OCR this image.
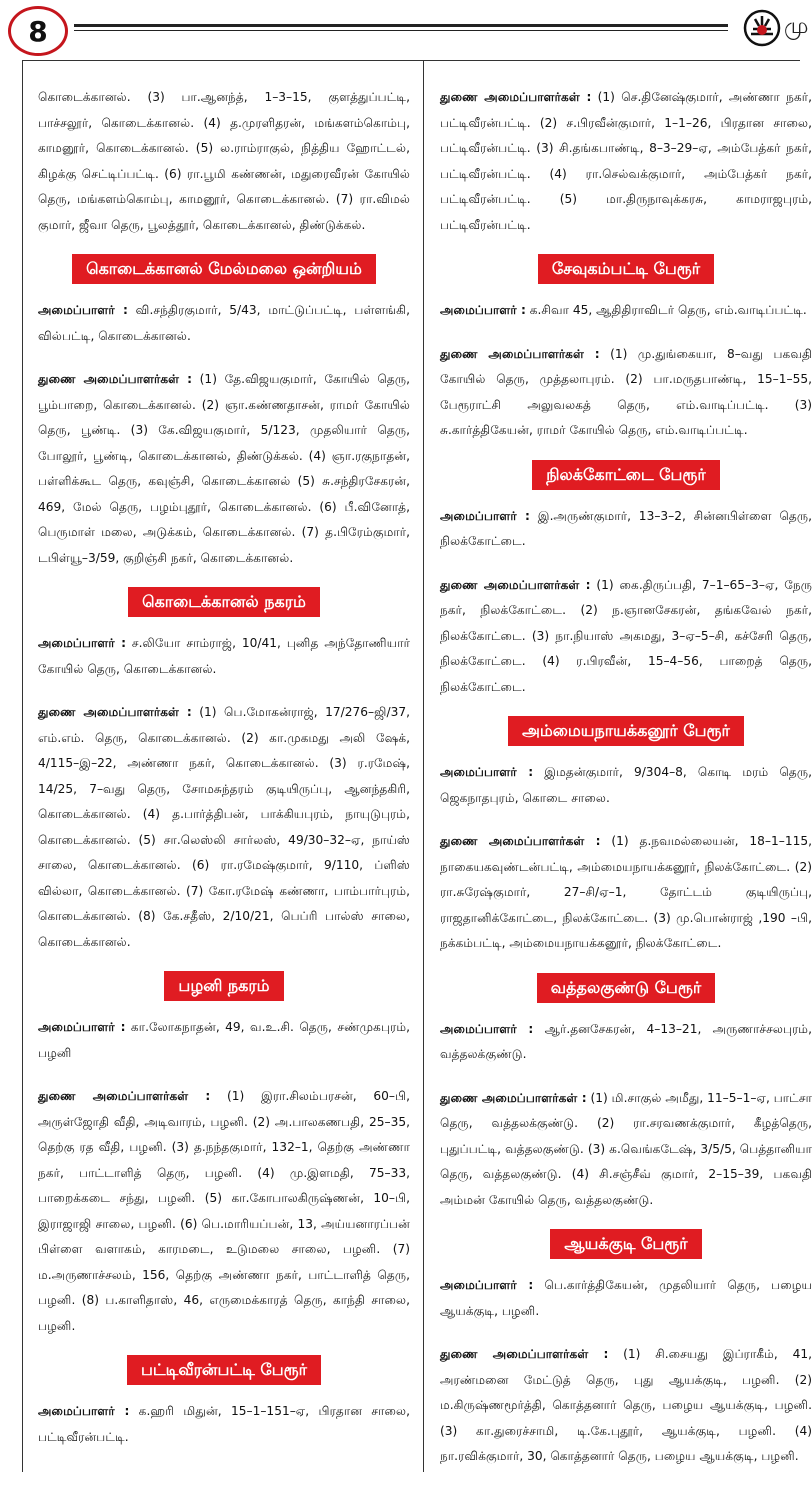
8	மு

கொடைக்கானல். (3) பா.ஆனந்த், 1–3–15, குளத்துப்பட்டி, பாச்சலூர், கொடைக்கானல். (4) த.முரளிதரன், மங்களம்கொம்பு, காமனூர், கொடைக்கானல். (5) ல.ராம்ராகுல், நித்திய ஹோட்டல், கிழக்கு செட்டிப்பட்டி. (6) ரா.பூமி கண்ணன், மதுரைவீரன் கோயில் தெரு, மங்களம்கொம்பு, காமனூர், கொடைக்கானல். (7) ரா.விமல் குமார், ஜீவா தெரு, பூலத்தூர், கொடைக்கானல், திண்டுக்கல்.

கொடைக்கானல் மேல்மலை ஒன்றியம்

அமைப்பாளர் : வி.சந்திரகுமார், 5/43, மாட்டுப்பட்டி, பள்ளங்கி, வில்பட்டி, கொடைக்கானல்.

துணை அமைப்பாளர்கள் : (1) தே.விஜயகுமார், கோயில் தெரு, பூம்பாறை, கொடைக்கானல். (2) ஞா.கண்ணதாசன், ராமர் கோயில் தெரு, பூண்டி. (3) கே.விஜயகுமார், 5/123, முதலியார் தெரு, போலூர், பூண்டி, கொடைக்கானல், திண்டுக்கல். (4) ஞா.ரகுநாதன், பள்ளிக்கூட தெரு, கவுஞ்சி, கொடைக்கானல் (5) சு.சந்திரசேகரன், 469, மேல் தெரு, பழம்புதூர், கொடைக்கானல். (6) பீ.வினோத், பெருமாள் மலை, அடுக்கம், கொடைக்கானல். (7) த.பிரேம்குமார், டபிள்யூ–3/59, குறிஞ்சி நகர், கொடைக்கானல்.

கொடைக்கானல் நகரம்

அமைப்பாளர் : ச.லியோ சாம்ராஜ், 10/41, புனித அந்தோணியார் கோயில் தெரு, கொடைக்கானல்.

துணை அமைப்பாளர்கள் : (1) பெ.மோகன்ராஜ், 17/276–ஜி/37, எம்.எம். தெரு, கொடைக்கானல். (2) கா.முகமது அலி ஷேக், 4/115–இ–22, அண்ணா நகர், கொடைக்கானல். (3) ர.ரமேஷ், 14/25, 7–வது தெரு, சோமசுந்தரம் குடியிருப்பு, ஆனந்தகிரி, கொடைக்கானல். (4) த.பார்த்திபன், பாக்கியபுரம், நாயுடுபுரம், கொடைக்கானல். (5) சா.லெஸ்லி சார்லஸ், 49/30–32–ஏ, நாய்ஸ் சாலை, கொடைக்கானல். (6) ரா.ரமேஷ்குமார், 9/110, ப்ளிஸ் வில்லா, கொடைக்கானல். (7) கோ.ரமேஷ் கண்ணா, பாம்பார்புரம், கொடைக்கானல். (8) கே.சதீஸ், 2/10/21, பெப்ரி பால்ஸ் சாலை, கொடைக்கானல்.

பழனி நகரம்

அமைப்பாளர் : கா.லோகநாதன், 49, வ.உ.சி. தெரு, சண்முகபுரம், பழனி

துணை அமைப்பாளர்கள் : (1) இரா.சிலம்பரசன், 60–பி, அருள்ஜோதி வீதி, அடிவாரம், பழனி. (2) அ.பாலகணபதி, 25–35, தெற்கு ரத வீதி, பழனி. (3) த.நந்தகுமார், 132–1, தெற்கு அண்ணா நகர், பாட்டாளித் தெரு, பழனி. (4) மு.இளமதி, 75–33, பாறைக்கடை சந்து, பழனி. (5) கா.கோபாலகிருஷ்ணன், 10–பி, இராஜாஜி சாலை, பழனி. (6) பெ.மாரியப்பன், 13, அய்யனாரப்பன் பிள்ளை வளாகம், காரமடை, உடுமலை சாலை, பழனி. (7) ம.அருணாச்சலம், 156, தெற்கு அண்ணா நகர், பாட்டாளித் தெரு, பழனி. (8) ப.காளிதாஸ், 46, எருமைக்காரத் தெரு, காந்தி சாலை, பழனி.

பட்டிவீரன்பட்டி பேரூர்

அமைப்பாளர் : க.ஹரி மிதுன், 15–1–151–ஏ, பிரதான சாலை, பட்டிவீரன்பட்டி.

துணை அமைப்பாளர்கள் : (1) செ.தினேஷ்குமார், அண்ணா நகர், பட்டிவீரன்பட்டி. (2) ச.பிரவீன்குமார், 1–1–26, பிரதான சாலை, பட்டிவீரன்பட்டி. (3) சி.தங்கபாண்டி, 8–3–29–ஏ, அம்பேத்கர் நகர், பட்டிவீரன்பட்டி. (4) ரா.செல்வக்குமார், அம்பேத்கர் நகர், பட்டிவீரன்பட்டி. (5) மா.திருநாவுக்கரசு, காமராஜபுரம், பட்டிவீரன்பட்டி.

சேவுகம்பட்டி பேரூர்

அமைப்பாளர் : க.சிவா 45, ஆதிதிராவிடர் தெரு, எம்.வாடிப்பட்டி.

துணை அமைப்பாளர்கள் : (1) மு.துங்கையா, 8–வது பகவதி கோயில் தெரு, முத்தலாபுரம். (2) பா.மருதபாண்டி, 15–1–55, பேரூராட்சி அலுவலகத் தெரு, எம்.வாடிப்பட்டி. (3) சு.கார்த்திகேயன், ராமர் கோயில் தெரு, எம்.வாடிப்பட்டி.

நிலக்கோட்டை பேரூர்

அமைப்பாளர் : இ.அருண்குமார், 13–3–2, சின்னபிள்ளை தெரு, நிலக்கோட்டை.

துணை அமைப்பாளர்கள் : (1) கை.திருப்பதி, 7–1–65–3–ஏ, நேரு நகர், நிலக்கோட்டை. (2) ந.ஞானசேகரன், தங்கவேல் நகர், நிலக்கோட்டை. (3) நா.நியாஸ் அகமது, 3–ஏ–5–சி, கச்சேரி தெரு, நிலக்கோட்டை. (4) ர.பிரவீன், 15–4–56, பாறைத் தெரு, நிலக்கோட்டை.

அம்மையநாயக்கனூர் பேரூர்

அமைப்பாளர் : இமதன்குமார், 9/304–8, கொடி மரம் தெரு, ஜெகநாதபுரம், கொடை சாலை.

துணை அமைப்பாளர்கள் : (1) த.நவமல்லையன், 18–1–115, நாகையகவுண்டன்பட்டி, அம்மையநாயக்கனூர், நிலக்கோட்டை. (2) ரா.சுரேஷ்குமார், 27–சி/ஏ–1, தோட்டம் குடியிருப்பு, ராஜதானிக்கோட்டை, நிலக்கோட்டை. (3) மு.பொன்ராஜ் ,190 –பி, நக்கம்பட்டி, அம்மையநாயக்கனூர், நிலக்கோட்டை.

வத்தலகுண்டு பேரூர்

அமைப்பாளர் : ஆர்.தனசேகரன், 4–13–21, அருணாச்சலபுரம், வத்தலக்குண்டு.

துணை அமைப்பாளர்கள் : (1) மி.சாகுல் அமீது, 11–5–1–ஏ, பாட்சா தெரு, வத்தலக்குண்டு. (2) ரா.சரவணக்குமார், கீழத்தெரு, புதுப்பட்டி, வத்தலகுண்டு. (3) க.வெங்கடேஷ், 3/5/5, பெத்தானியா தெரு, வத்தலகுண்டு. (4) சி.சஞ்சீவ் குமார், 2–15–39, பகவதி அம்மன் கோயில் தெரு, வத்தலகுண்டு.

ஆயக்குடி பேரூர்

அமைப்பாளர் : பெ.கார்த்திகேயன், முதலியார் தெரு, பழைய ஆயக்குடி, பழனி.

துணை அமைப்பாளர்கள் : (1) சி.சையது இப்ராகீம், 41, அரண்மனை மேட்டுத் தெரு, புது ஆயக்குடி, பழனி. (2) ம.கிருஷ்ணமூர்த்தி, கொத்தனார் தெரு, பழைய ஆயக்குடி, பழனி. (3) கா.துரைச்சாமி, டி.கே.புதூர், ஆயக்குடி, பழனி. (4) நா.ரவிக்குமார், 30, கொத்தனார் தெரு, பழைய ஆயக்குடி, பழனி.
